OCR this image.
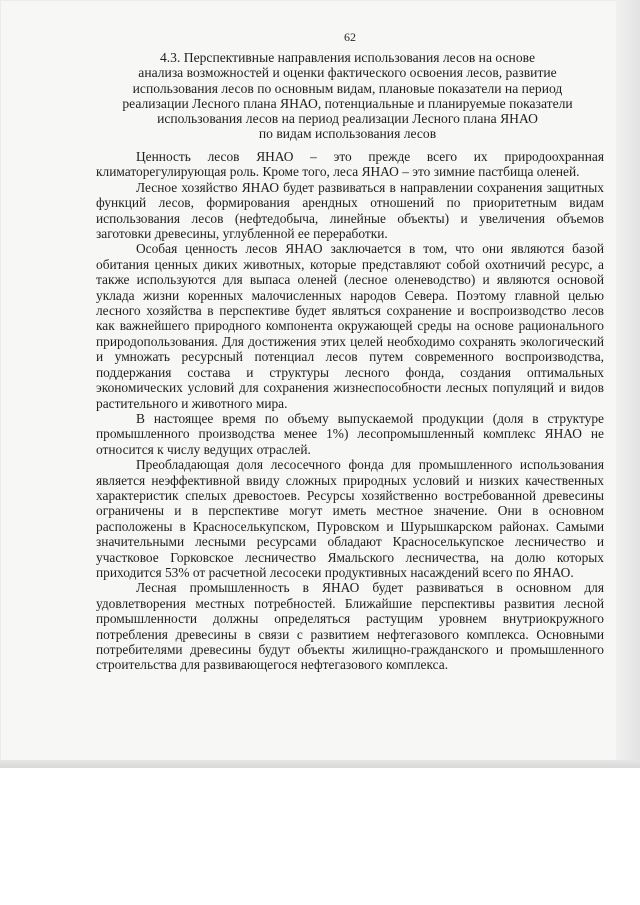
62
4.3. Перспективные направления использования лесов на основе
анализа возможностей и оценки фактического освоения лесов, развитие
использования лесов по основным видам, плановые показатели на период
реализации Лесного плана ЯНАО, потенциальные и планируемые показатели
использования лесов на период реализации Лесного плана ЯНАО
по видам использования лесов

Ценность лесов ЯНАО – это прежде всего их природоохранная климаторегулирующая роль. Кроме того, леса ЯНАО – это зимние пастбища оленей.

Лесное хозяйство ЯНАО будет развиваться в направлении сохранения защитных функций лесов, формирования арендных отношений по приоритетным видам использования лесов (нефтедобыча, линейные объекты) и увеличения объемов заготовки древесины, углубленной ее переработки.

Особая ценность лесов ЯНАО заключается в том, что они являются базой обитания ценных диких животных, которые представляют собой охотничий ресурс, а также используются для выпаса оленей (лесное оленеводство) и являются основой уклада жизни коренных малочисленных народов Севера. Поэтому главной целью лесного хозяйства в перспективе будет являться сохранение и воспроизводство лесов как важнейшего природного компонента окружающей среды на основе рационального природопользования. Для достижения этих целей необходимо сохранять экологический и умножать ресурсный потенциал лесов путем современного воспроизводства, поддержания состава и структуры лесного фонда, создания оптимальных экономических условий для сохранения жизнеспособности лесных популяций и видов растительного и животного мира.

В настоящее время по объему выпускаемой продукции (доля в структуре промышленного производства менее 1%) лесопромышленный комплекс ЯНАО не относится к числу ведущих отраслей.

Преобладающая доля лесосечного фонда для промышленного использования является неэффективной ввиду сложных природных условий и низких качественных характеристик спелых древостоев. Ресурсы хозяйственно востребованной древесины ограничены и в перспективе могут иметь местное значение. Они в основном расположены в Красноселькупском, Пуровском и Шурышкарском районах. Самыми значительными лесными ресурсами обладают Красноселькупское лесничество и участковое Горковское лесничество Ямальского лесничества, на долю которых приходится 53% от расчетной лесосеки продуктивных насаждений всего по ЯНАО.

Лесная промышленность в ЯНАО будет развиваться в основном для удовлетворения местных потребностей. Ближайшие перспективы развития лесной промышленности должны определяться растущим уровнем внутриокружного потребления древесины в связи с развитием нефтегазового комплекса. Основными потребителями древесины будут объекты жилищно-гражданского и промышленного строительства для развивающегося нефтегазового комплекса.
